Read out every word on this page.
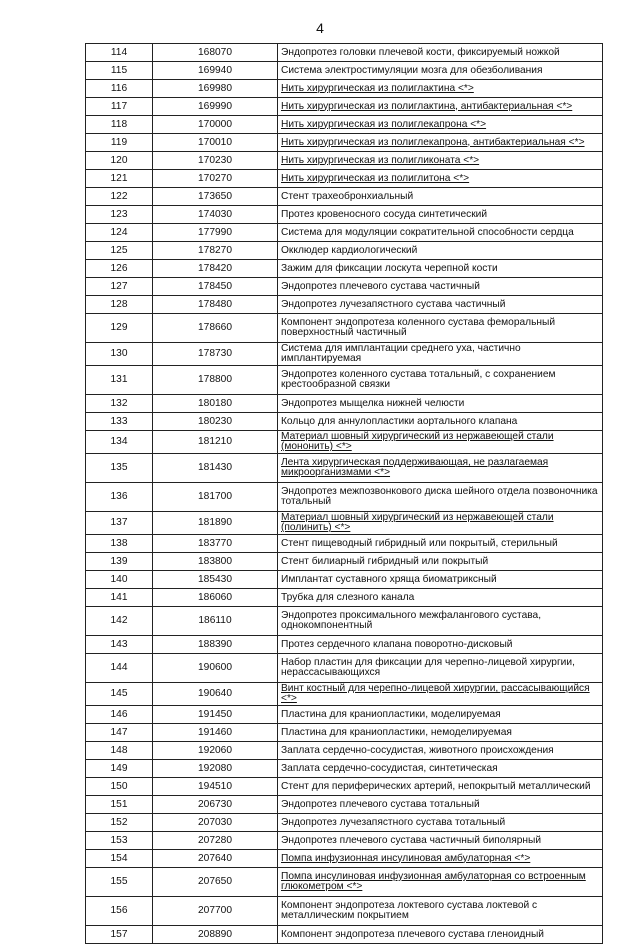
4
114	168070	Эндопротез головки плечевой кости, фиксируемый ножкой
115	169940	Система электростимуляции мозга для обезболивания
116	169980	Нить хирургическая из полиглактина <*>
117	169990	Нить хирургическая из полиглактина, антибактериальная <*>
118	170000	Нить хирургическая из полиглекапрона <*>
119	170010	Нить хирургическая из полиглекапрона, антибактериальная <*>
120	170230	Нить хирургическая из полигликоната <*>
121	170270	Нить хирургическая из полиглитона <*>
122	173650	Стент трахеобронхиальный
123	174030	Протез кровеносного сосуда синтетический
124	177990	Система для модуляции сократительной способности сердца
125	178270	Окклюдер кардиологический
126	178420	Зажим для фиксации лоскута черепной кости
127	178450	Эндопротез плечевого сустава частичный
128	178480	Эндопротез лучезапястного сустава частичный
129	178660	Компонент эндопротеза коленного сустава феморальный поверхностный частичный
130	178730	Система для имплантации среднего уха, частично имплантируемая
131	178800	Эндопротез коленного сустава тотальный, с сохранением крестообразной связки
132	180180	Эндопротез мыщелка нижней челюсти
133	180230	Кольцо для аннулопластики аортального клапана
134	181210	Материал шовный хирургический из нержавеющей стали (мононить) <*>
135	181430	Лента хирургическая поддерживающая, не разлагаемая микроорганизмами <*>
136	181700	Эндопротез межпозвонкового диска шейного отдела позвоночника тотальный
137	181890	Материал шовный хирургический из нержавеющей стали (полинить) <*>
138	183770	Стент пищеводный гибридный или покрытый, стерильный
139	183800	Стент билиарный гибридный или покрытый
140	185430	Имплантат суставного хряща биоматриксный
141	186060	Трубка для слезного канала
142	186110	Эндопротез проксимального межфалангового сустава, однокомпонентный
143	188390	Протез сердечного клапана поворотно-дисковый
144	190600	Набор пластин для фиксации для черепно-лицевой хирургии, нерассасывающихся
145	190640	Винт костный для черепно-лицевой хирургии, рассасывающийся <*>
146	191450	Пластина для краниопластики, моделируемая
147	191460	Пластина для краниопластики, немоделируемая
148	192060	Заплата сердечно-сосудистая, животного происхождения
149	192080	Заплата сердечно-сосудистая, синтетическая
150	194510	Стент для периферических артерий, непокрытый металлический
151	206730	Эндопротез плечевого сустава тотальный
152	207030	Эндопротез лучезапястного сустава тотальный
153	207280	Эндопротез плечевого сустава частичный биполярный
154	207640	Помпа инфузионная инсулиновая амбулаторная <*>
155	207650	Помпа инсулиновая инфузионная амбулаторная со встроенным глюкометром <*>
156	207700	Компонент эндопротеза локтевого сустава локтевой с металлическим покрытием
157	208890	Компонент эндопротеза плечевого сустава гленоидный
